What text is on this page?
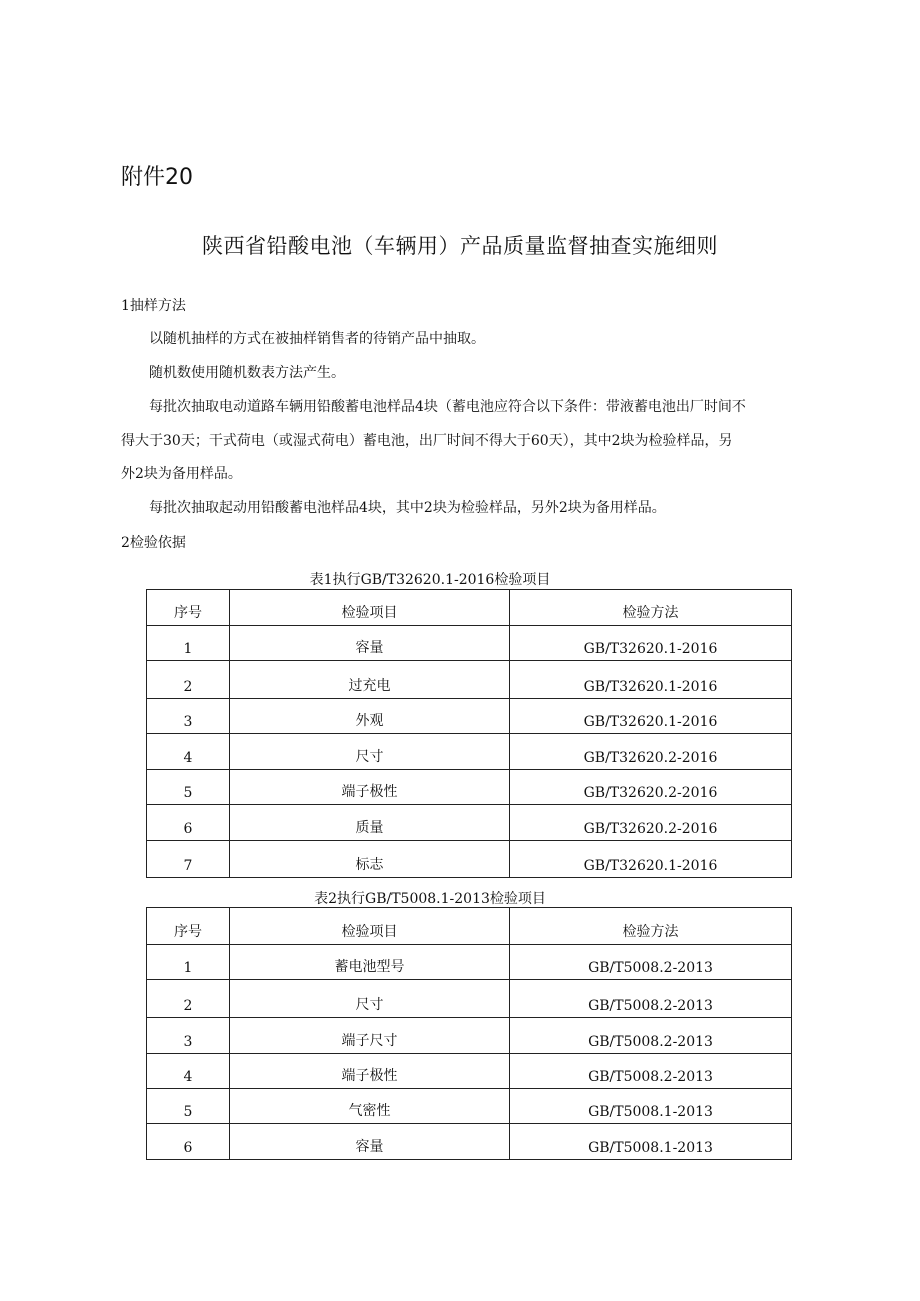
附件20
陕西省铅酸电池（车辆用）产品质量监督抽查实施细则
1抽样方法
以随机抽样的方式在被抽样销售者的待销产品中抽取。
随机数使用随机数表方法产生。
每批次抽取电动道路车辆用铅酸蓄电池样品4块（蓄电池应符合以下条件：带液蓄电池出厂时间不
得大于30天；干式荷电（或湿式荷电）蓄电池，出厂时间不得大于60天），其中2块为检验样品，另
外2块为备用样品。
每批次抽取起动用铅酸蓄电池样品4块，其中2块为检验样品，另外2块为备用样品。
2检验依据
表1执行GB/T32620.1-2016检验项目
序号	检验项目	检验方法
1	容量	GB/T32620.1-2016
2	过充电	GB/T32620.1-2016
3	外观	GB/T32620.1-2016
4	尺寸	GB/T32620.2-2016
5	端子极性	GB/T32620.2-2016
6	质量	GB/T32620.2-2016
7	标志	GB/T32620.1-2016
表2执行GB/T5008.1-2013检验项目
序号	检验项目	检验方法
1	蓄电池型号	GB/T5008.2-2013
2	尺寸	GB/T5008.2-2013
3	端子尺寸	GB/T5008.2-2013
4	端子极性	GB/T5008.2-2013
5	气密性	GB/T5008.1-2013
6	容量	GB/T5008.1-2013
